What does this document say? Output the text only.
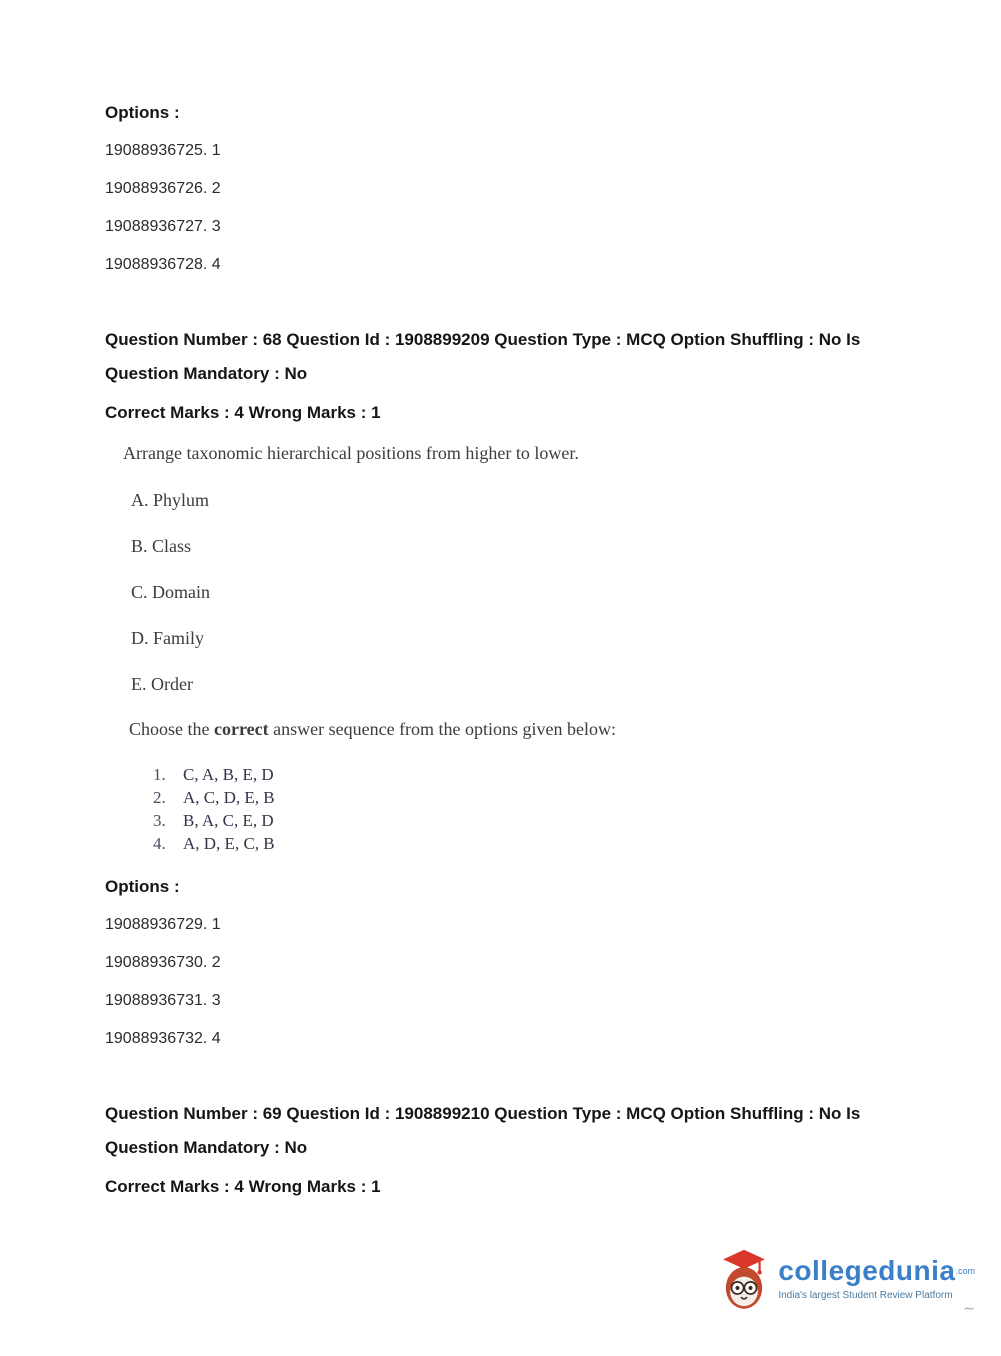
Options :

19088936725. 1

19088936726. 2

19088936727. 3

19088936728. 4

Question Number : 68 Question Id : 1908899209 Question Type : MCQ Option Shuffling : No Is

Question Mandatory : No

Correct Marks : 4 Wrong Marks : 1

Arrange taxonomic hierarchical positions from higher to lower.

A. Phylum

B. Class

C. Domain

D. Family

E. Order

Choose the correct answer sequence from the options given below:

1. C, A, B, E, D

2. A, C, D, E, B

3. B, A, C, E, D

4. A, D, E, C, B

Options :

19088936729. 1

19088936730. 2

19088936731. 3

19088936732. 4

Question Number : 69 Question Id : 1908899210 Question Type : MCQ Option Shuffling : No Is

Question Mandatory : No

Correct Marks : 4 Wrong Marks : 1

collegedunia$^{.com}$
India's largest Student Review Platform
∼
